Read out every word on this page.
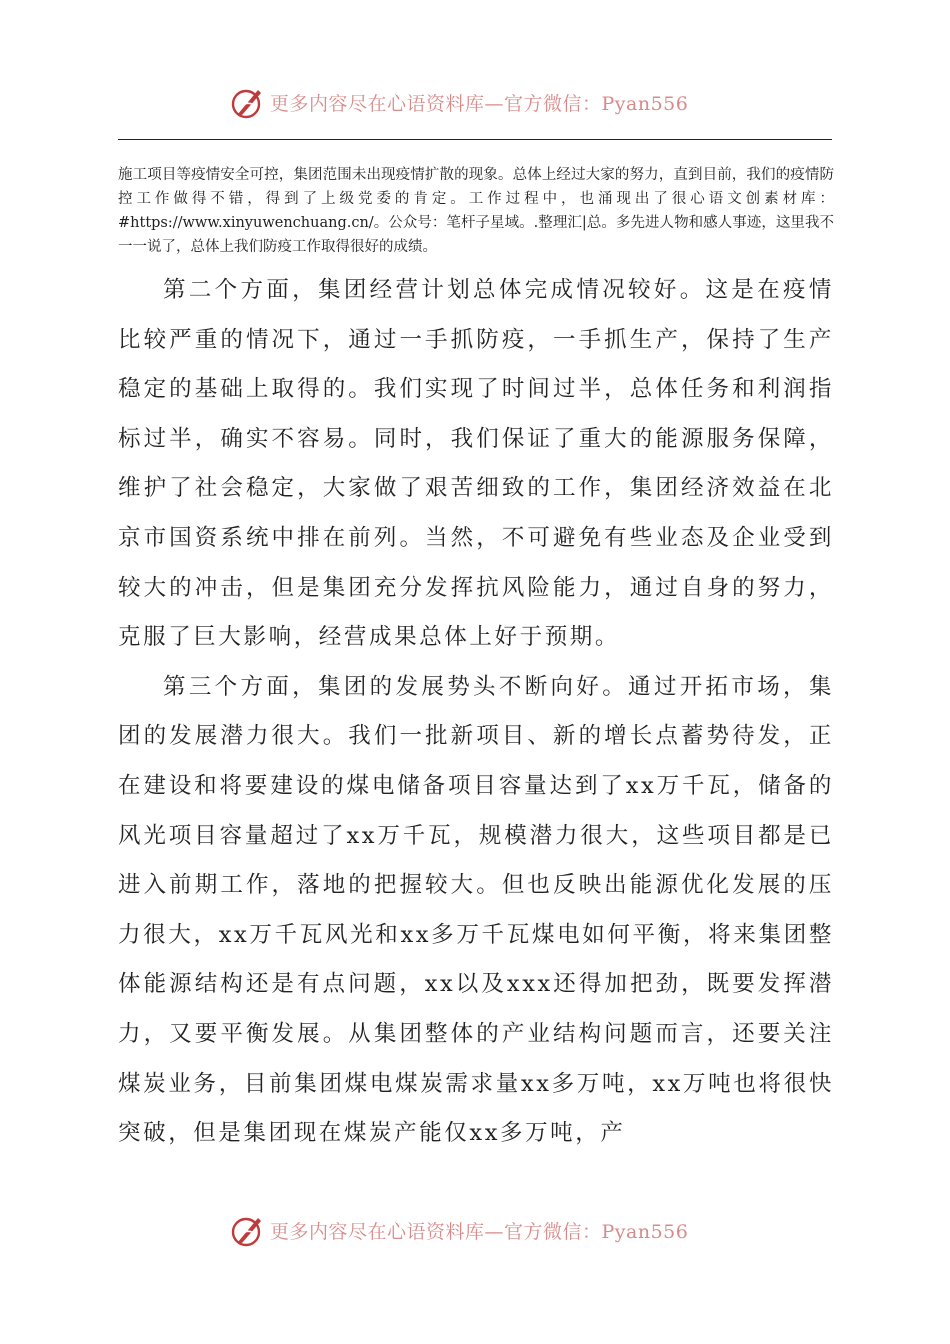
更多内容尽在心语资料库—官方微信：Pyan556

施工项目等疫情安全可控，集团范围未出现疫情扩散的现象。总体上经过大家的努力，直到目前，我们的疫情防控工作做得不错，得到了上级党委的肯定。工作过程中，也涌现出了很心语文创素材库：#https://www.xinyuwenchuang.cn/。公众号：笔杆子星域。.整理汇|总。多先进人物和感人事迹，这里我不一一说了，总体上我们防疫工作取得很好的成绩。

第二个方面，集团经营计划总体完成情况较好。这是在疫情比较严重的情况下，通过一手抓防疫，一手抓生产，保持了生产稳定的基础上取得的。我们实现了时间过半，总体任务和利润指标过半，确实不容易。同时，我们保证了重大的能源服务保障，维护了社会稳定，大家做了艰苦细致的工作，集团经济效益在北京市国资系统中排在前列。当然，不可避免有些业态及企业受到较大的冲击，但是集团充分发挥抗风险能力，通过自身的努力，克服了巨大影响，经营成果总体上好于预期。

第三个方面，集团的发展势头不断向好。通过开拓市场，集团的发展潜力很大。我们一批新项目、新的增长点蓄势待发，正在建设和将要建设的煤电储备项目容量达到了xx万千瓦，储备的风光项目容量超过了xx万千瓦，规模潜力很大，这些项目都是已进入前期工作，落地的把握较大。但也反映出能源优化发展的压力很大，xx万千瓦风光和xx多万千瓦煤电如何平衡，将来集团整体能源结构还是有点问题，xx以及xxx还得加把劲，既要发挥潜力，又要平衡发展。从集团整体的产业结构问题而言，还要关注煤炭业务，目前集团煤电煤炭需求量xx多万吨，xx万吨也将很快突破，但是集团现在煤炭产能仅xx多万吨，产

更多内容尽在心语资料库—官方微信：Pyan556
